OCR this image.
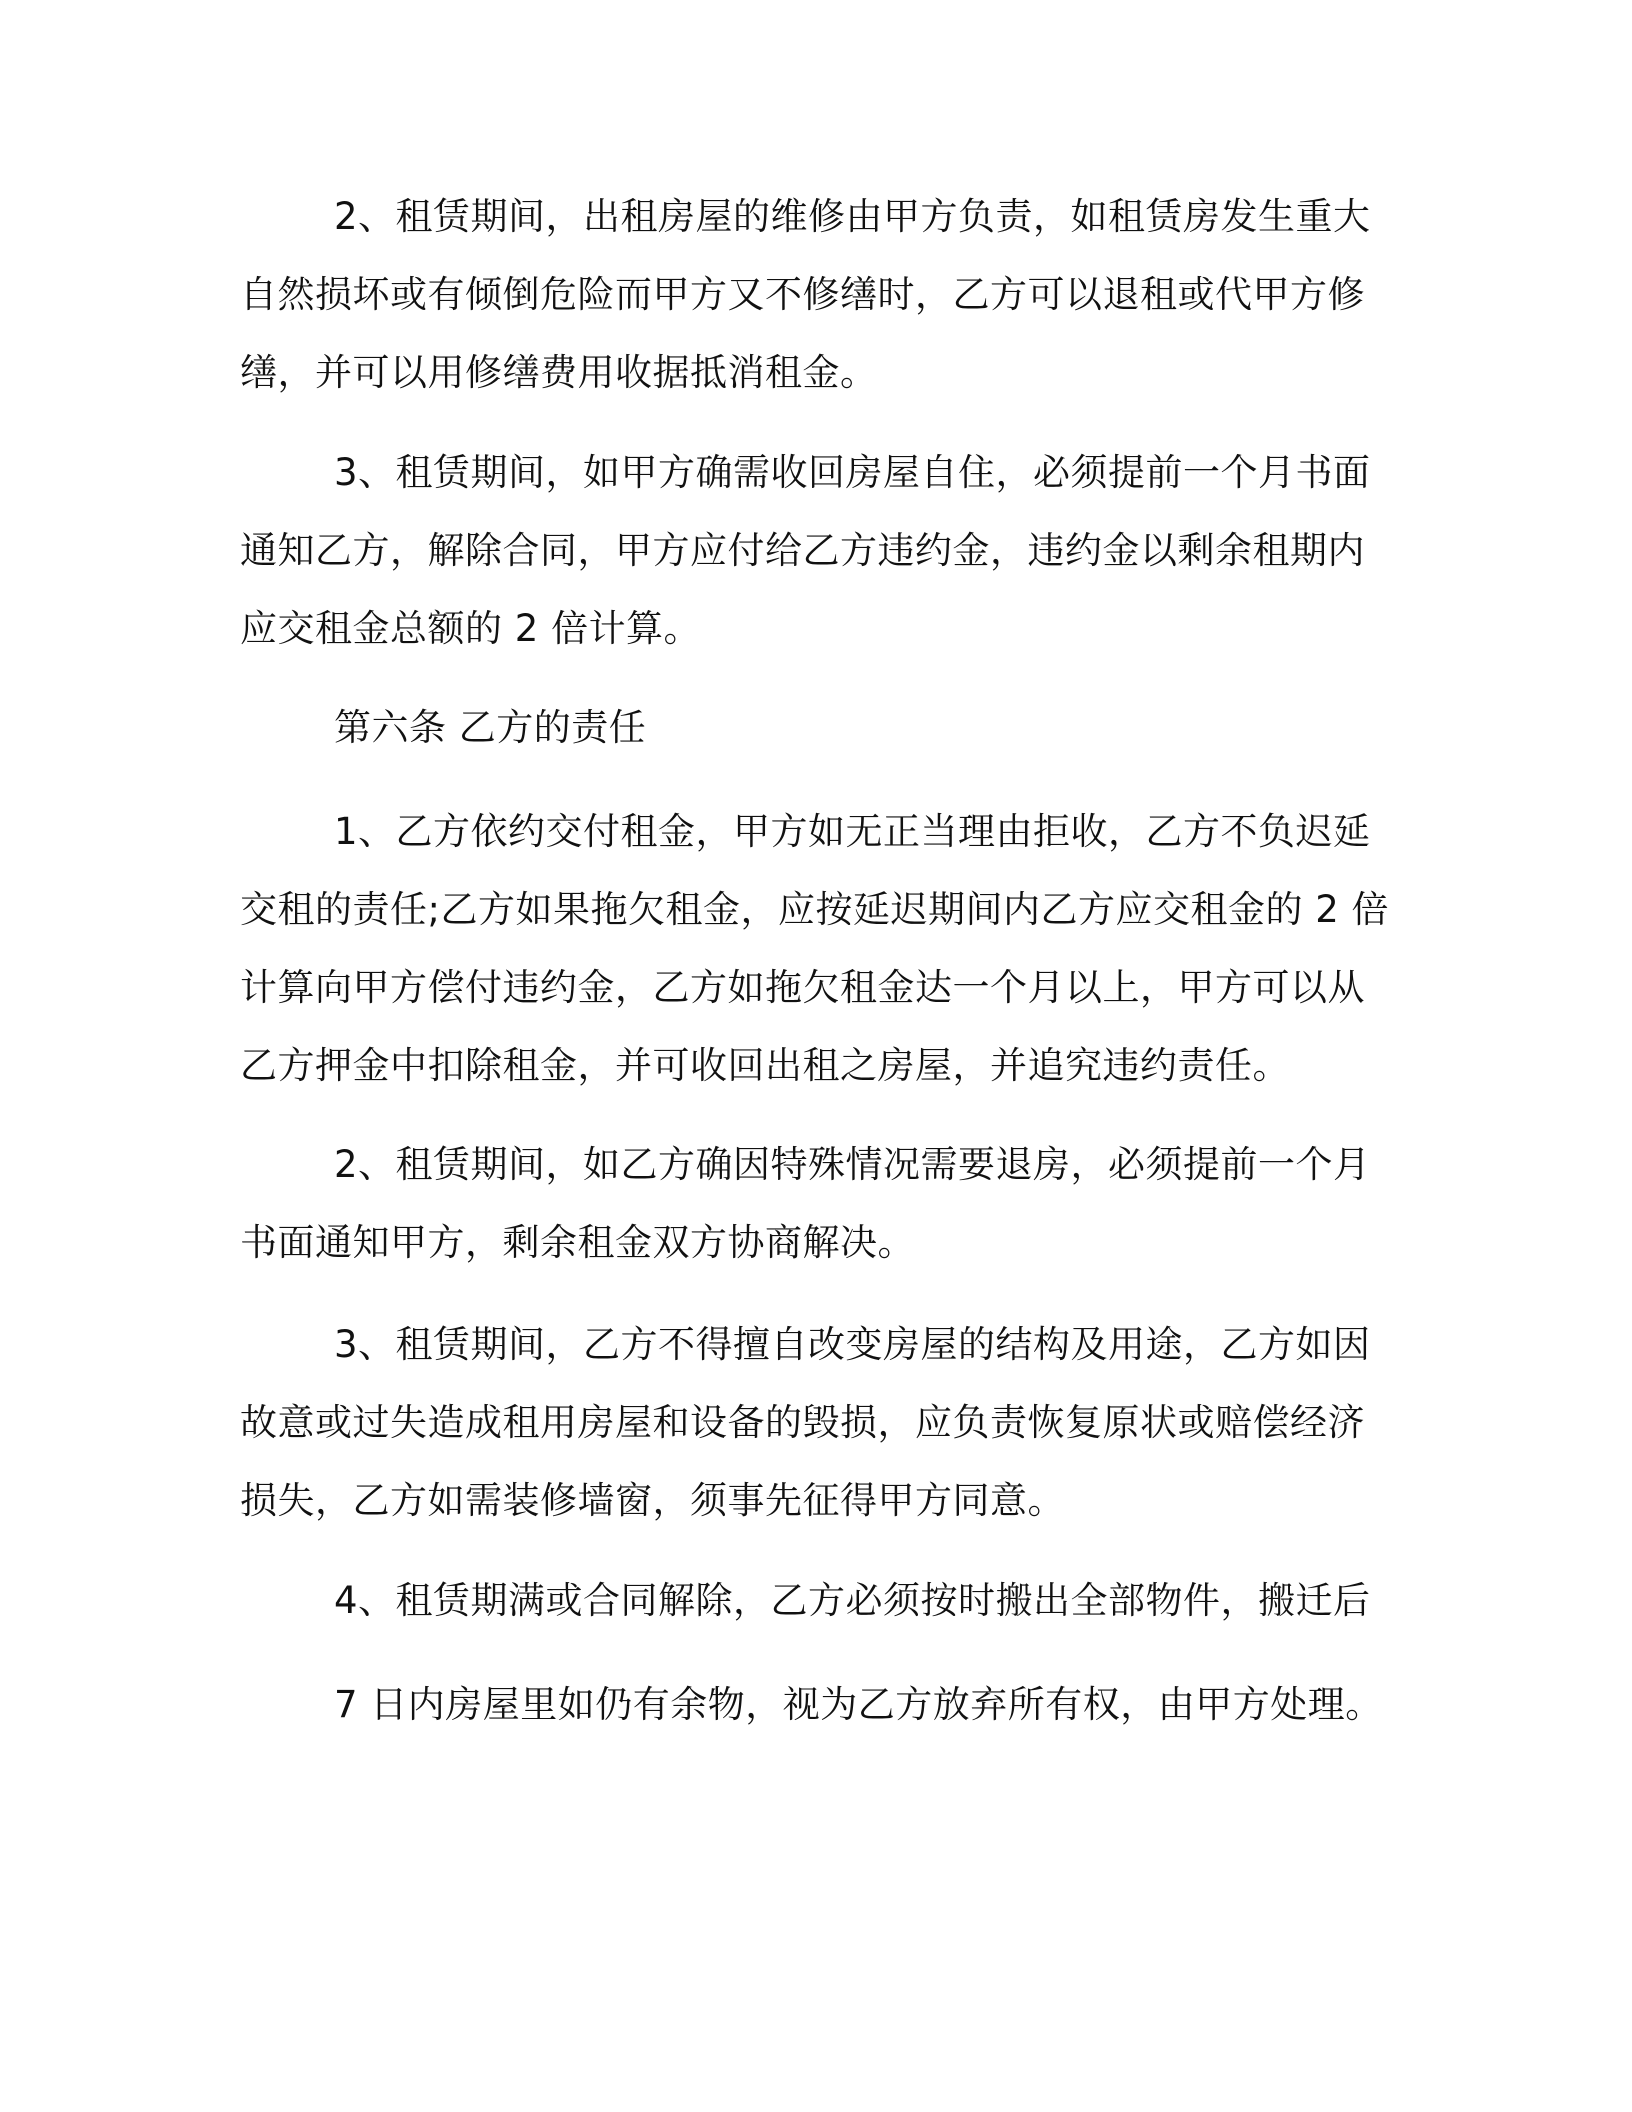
2、租赁期间，出租房屋的维修由甲方负责，如租赁房发生重大
自然损坏或有倾倒危险而甲方又不修缮时，乙方可以退租或代甲方修
缮，并可以用修缮费用收据抵消租金。
3、租赁期间，如甲方确需收回房屋自住，必须提前一个月书面
通知乙方，解除合同，甲方应付给乙方违约金，违约金以剩余租期内
应交租金总额的 2 倍计算。
第六条 乙方的责任
1、乙方依约交付租金，甲方如无正当理由拒收，乙方不负迟延
交租的责任;乙方如果拖欠租金，应按延迟期间内乙方应交租金的 2 倍
计算向甲方偿付违约金，乙方如拖欠租金达一个月以上，甲方可以从
乙方押金中扣除租金，并可收回出租之房屋，并追究违约责任。
2、租赁期间，如乙方确因特殊情况需要退房，必须提前一个月
书面通知甲方，剩余租金双方协商解决。
3、租赁期间，乙方不得擅自改变房屋的结构及用途，乙方如因
故意或过失造成租用房屋和设备的毁损，应负责恢复原状或赔偿经济
损失，乙方如需装修墙窗，须事先征得甲方同意。
4、租赁期满或合同解除，乙方必须按时搬出全部物件，搬迁后
7 日内房屋里如仍有余物，视为乙方放弃所有权，由甲方处理。
